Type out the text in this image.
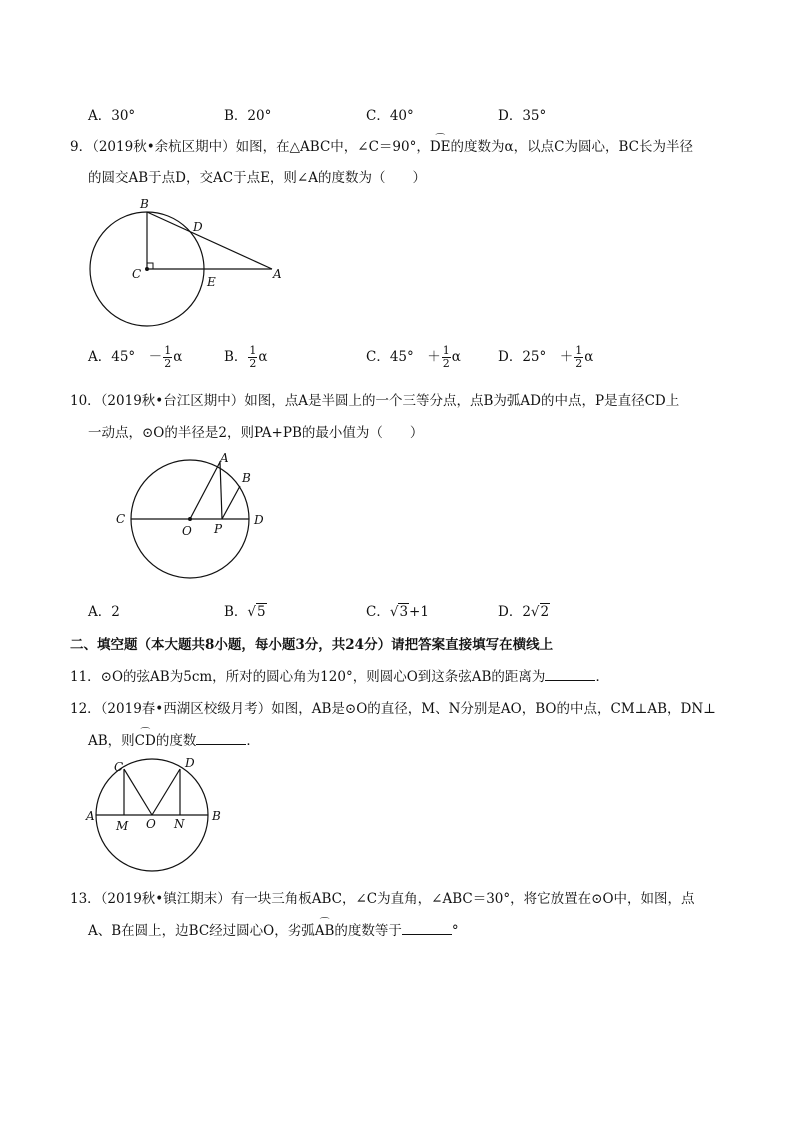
A．30°	B．20°	C．40°	D．35°
9．（2019秋•余杭区期中）如图，在△ABC中，∠C＝90°，⌒ DE的度数为α，以点C为圆心，BC长为半径
的圆交AB于点D，交AC于点E，则∠A的度数为（　　）
B
D
C
E
A
A．45°　－ $\frac{1}{2}$ α	B． $\frac{1}{2}$ α	C．45°　＋ $\frac{1}{2}$ α	D．25°　＋ $\frac{1}{2}$ α
10．（2019秋•台江区期中）如图，点A是半圆上的一个三等分点，点B为弧AD的中点，P是直径CD上
一动点，⊙O的半径是2，则PA+PB的最小值为（　　）
A
B
C	D
O P
A．2	B．√5	C．√3+1	D．2√2
二、填空题（本大题共8小题，每小题3分，共24分）请把答案直接填写在横线上
11．⊙O的弦AB为5cm，所对的圆心角为120°，则圆心O到这条弦AB的距离为	．
12．（2019春•西湖区校级月考）如图，AB是⊙O的直径，M、N分别是AO，BO的中点，CM⊥AB，DN⊥
AB，则⌒ CD的度数	．
C	D
A
M O N
B
13．（2019秋•镇江期末）有一块三角板ABC，∠C为直角，∠ABC＝30°，将它放置在⊙O中，如图，点
A、B在圆上，边BC经过圆心O，劣弧⌒ AB的度数等于	°
